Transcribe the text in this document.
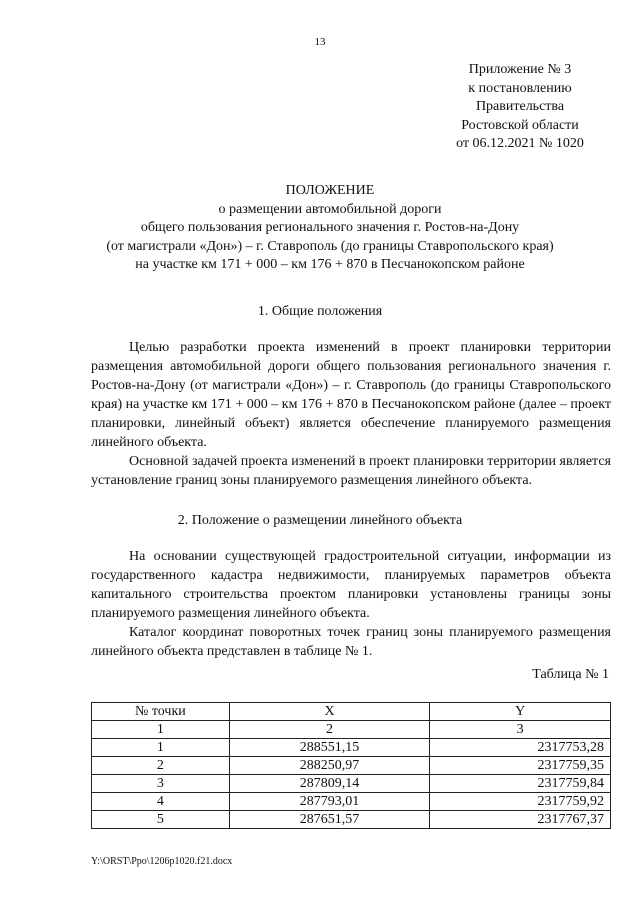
13
Приложение № 3
к постановлению
Правительства
Ростовской области
от 06.12.2021 № 1020
ПОЛОЖЕНИЕ
о размещении автомобильной дороги
общего пользования регионального значения г. Ростов-на-Дону
(от магистрали «Дон») – г. Ставрополь (до границы Ставропольского края)
на участке км 171 + 000 – км 176 + 870 в Песчанокопском районе
1. Общие положения

Целью разработки проекта изменений в проект планировки территории размещения автомобильной дороги общего пользования регионального значения г. Ростов-на-Дону (от магистрали «Дон») – г. Ставрополь (до границы Ставропольского края) на участке км 171 + 000 – км 176 + 870 в Песчанокопском районе (далее – проект планировки, линейный объект) является обеспечение планируемого размещения линейного объекта.

Основной задачей проекта изменений в проект планировки территории является установление границ зоны планируемого размещения линейного объекта.

2. Положение о размещении линейного объекта

На основании существующей градостроительной ситуации, информации из государственного кадастра недвижимости, планируемых параметров объекта капитального строительства проектом планировки установлены границы зоны планируемого размещения линейного объекта.

Каталог координат поворотных точек границ зоны планируемого размещения линейного объекта представлен в таблице № 1.

Таблица № 1
№ точки	X	Y
1	2	3
1	288551,15	2317753,28
2	288250,97	2317759,35
3	287809,14	2317759,84
4	287793,01	2317759,92
5	287651,57	2317767,37
Y:\ORST\Ppo\1206p1020.f21.docx
